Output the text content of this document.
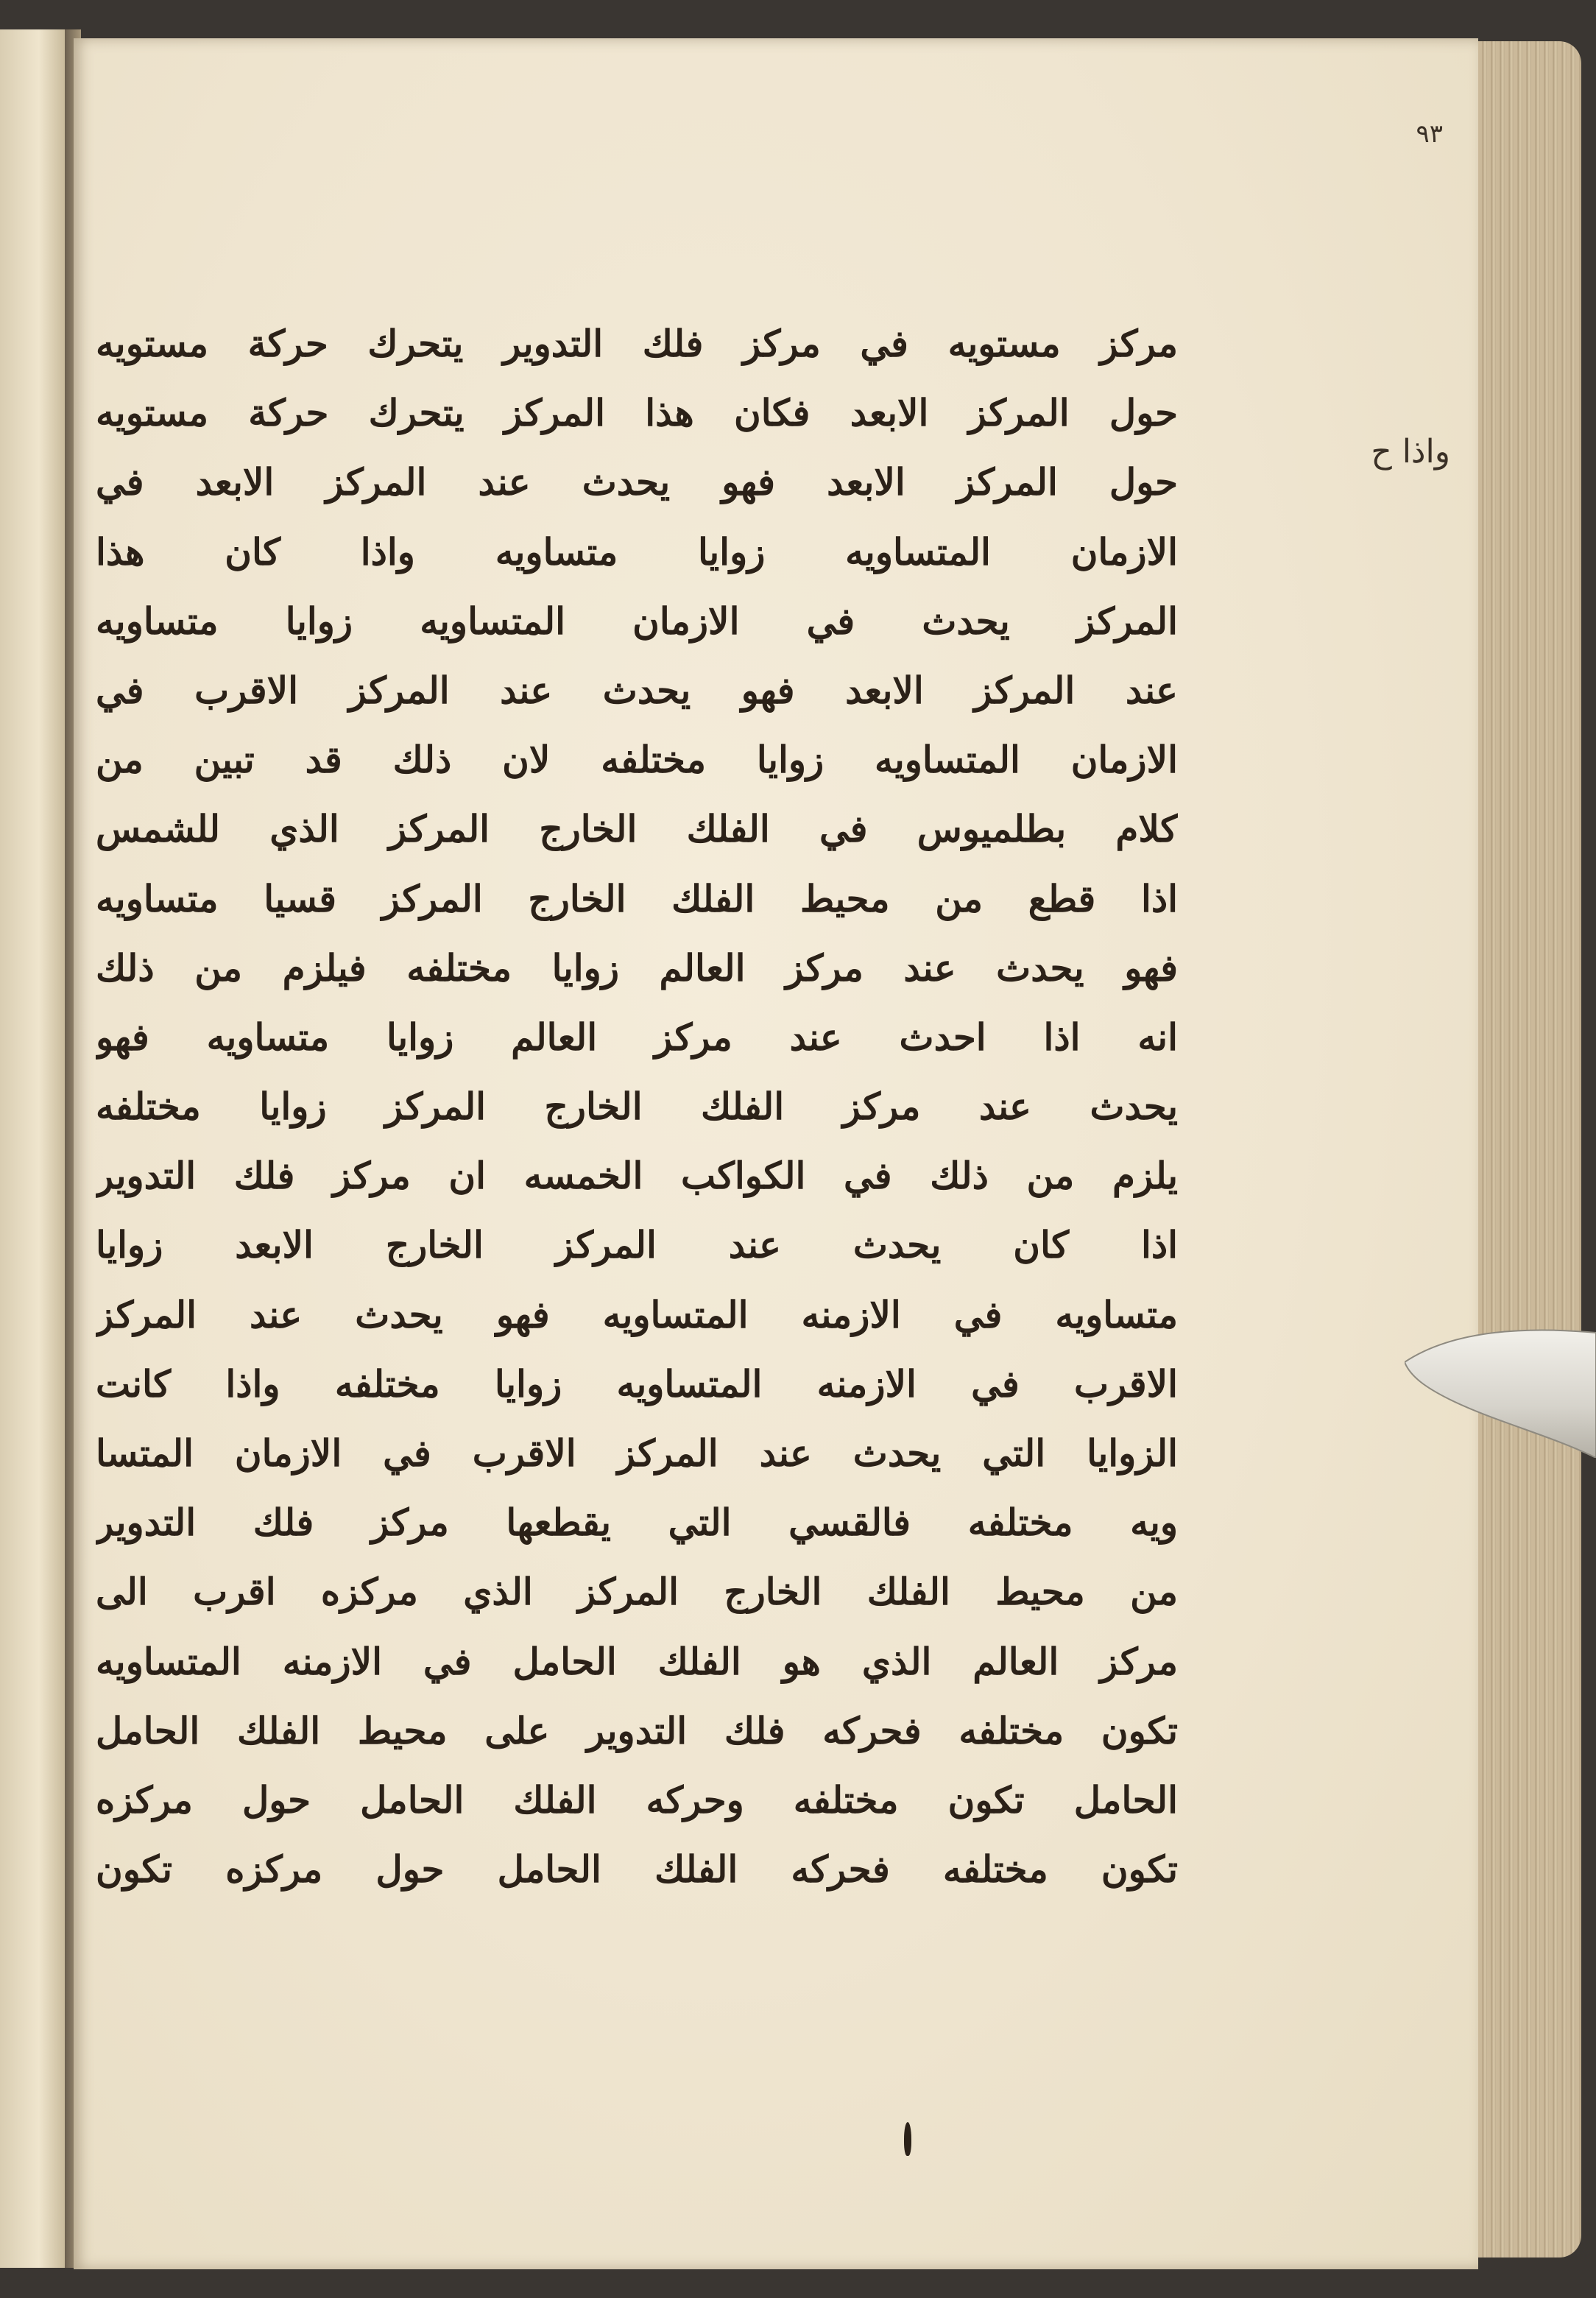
٩٣
واذا ح
مركز مستويه في مركز فلك التدوير يتحرك حركة مستويه
حول المركز الابعد فكان هذا المركز يتحرك حركة مستويه
حول المركز الابعد فهو يحدث عند المركز الابعد في
الازمان المتساويه زوايا متساويه واذا كان هذا
المركز يحدث في الازمان المتساويه زوايا متساويه
عند المركز الابعد فهو يحدث عند المركز الاقرب في
الازمان المتساويه زوايا مختلفه لان ذلك قد تبين من
كلام بطلميوس في الفلك الخارج المركز الذي للشمس
اذا قطع من محيط الفلك الخارج المركز قسيا متساويه
فهو يحدث عند مركز العالم زوايا مختلفه فيلزم من ذلك
انه اذا احدث عند مركز العالم زوايا متساويه فهو
يحدث عند مركز الفلك الخارج المركز زوايا مختلفه
يلزم من ذلك في الكواكب الخمسه ان مركز فلك التدوير
اذا كان يحدث عند المركز الخارج الابعد زوايا
متساويه في الازمنه المتساويه فهو يحدث عند المركز
الاقرب في الازمنه المتساويه زوايا مختلفه واذا كانت
الزوايا التي يحدث عند المركز الاقرب في الازمان المتسا
ويه مختلفه فالقسي التي يقطعها مركز فلك التدوير
من محيط الفلك الخارج المركز الذي مركزه اقرب الى
مركز العالم الذي هو الفلك الحامل في الازمنه المتساويه
تكون مختلفه فحركه فلك التدوير على محيط الفلك الحامل
الحامل تكون مختلفه وحركه الفلك الحامل حول مركزه
تكون مختلفه فحركه الفلك الحامل حول مركزه تكون
